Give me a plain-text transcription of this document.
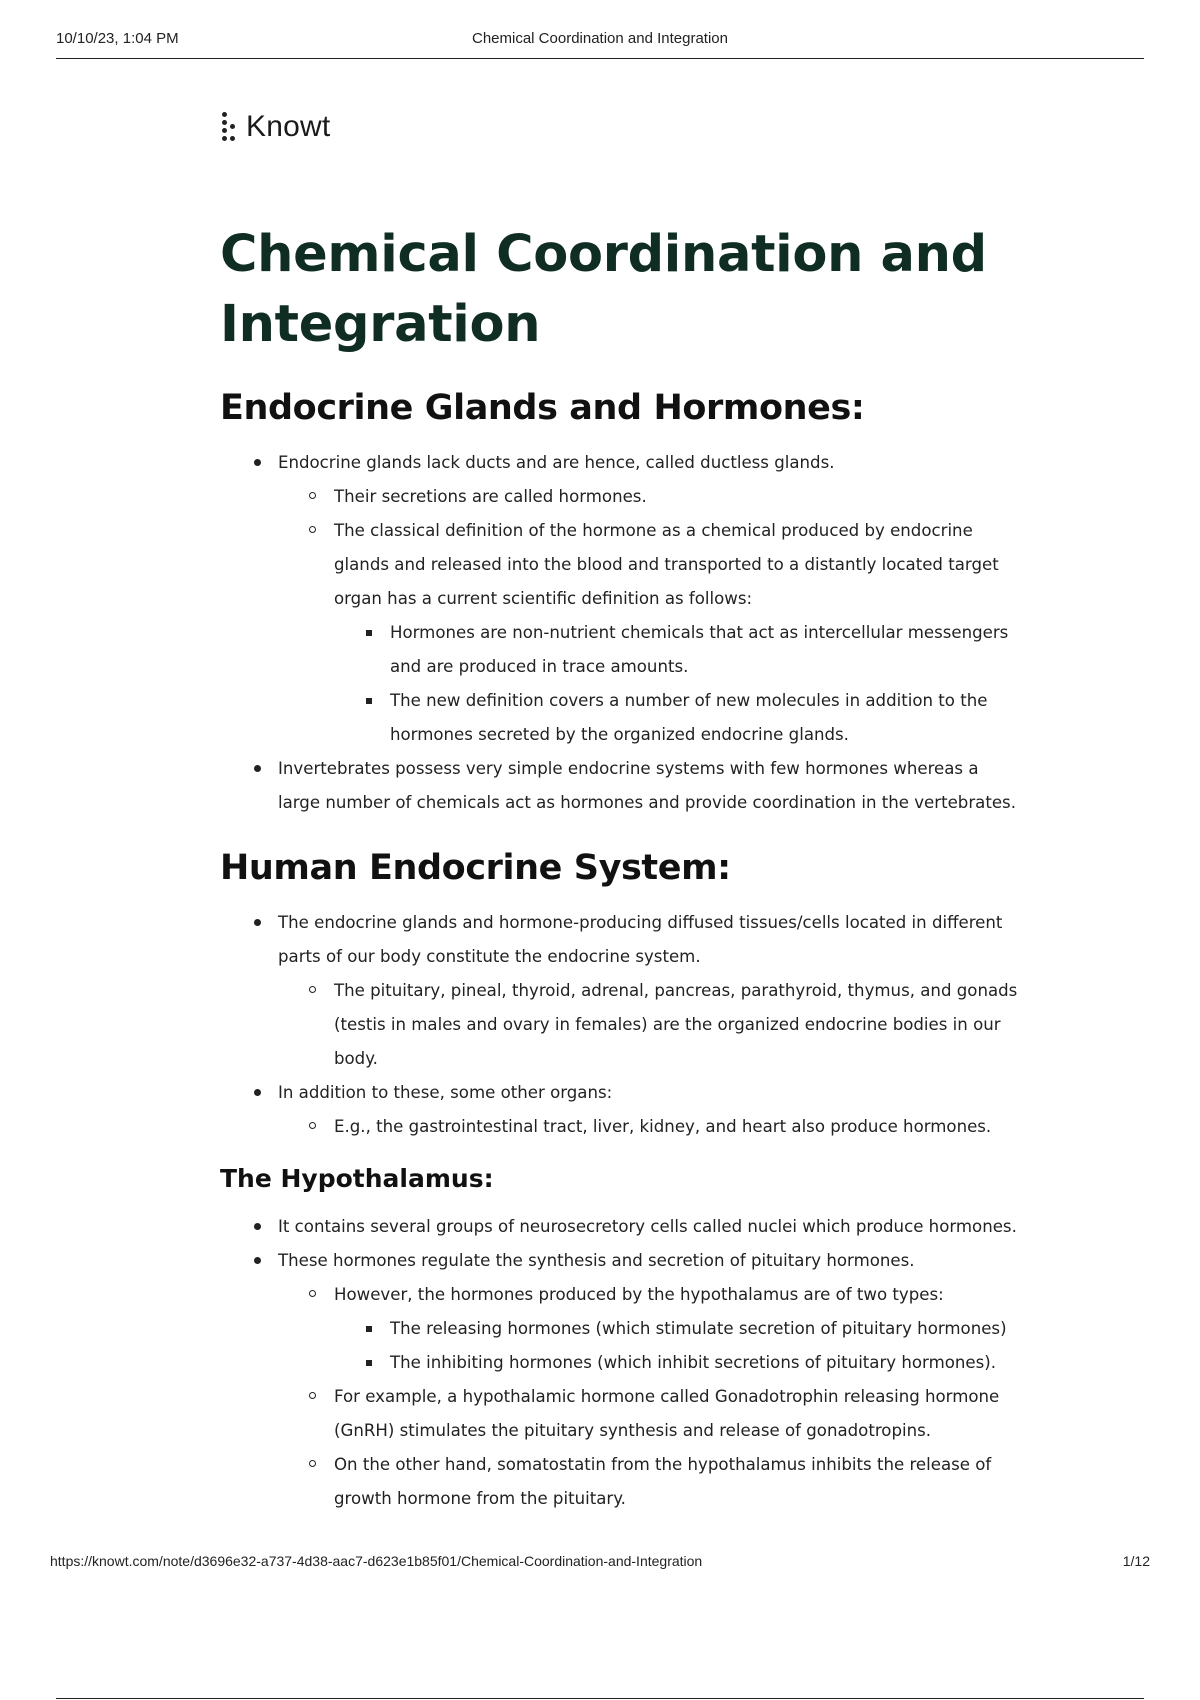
10/10/23, 1:04 PM	Chemical Coordination and Integration
Knowt
Chemical Coordination and Integration
Endocrine Glands and Hormones:
Endocrine glands lack ducts and are hence, called ductless glands.
Their secretions are called hormones.
The classical definition of the hormone as a chemical produced by endocrine glands and released into the blood and transported to a distantly located target organ has a current scientific definition as follows:
Hormones are non-nutrient chemicals that act as intercellular messengers and are produced in trace amounts.
The new definition covers a number of new molecules in addition to the hormones secreted by the organized endocrine glands.
Invertebrates possess very simple endocrine systems with few hormones whereas a large number of chemicals act as hormones and provide coordination in the vertebrates.
Human Endocrine System:
The endocrine glands and hormone-producing diffused tissues/cells located in different parts of our body constitute the endocrine system.
The pituitary, pineal, thyroid, adrenal, pancreas, parathyroid, thymus, and gonads (testis in males and ovary in females) are the organized endocrine bodies in our body.
In addition to these, some other organs:
E.g., the gastrointestinal tract, liver, kidney, and heart also produce hormones.
The Hypothalamus:
It contains several groups of neurosecretory cells called nuclei which produce hormones.
These hormones regulate the synthesis and secretion of pituitary hormones.
However, the hormones produced by the hypothalamus are of two types:
The releasing hormones (which stimulate secretion of pituitary hormones)
The inhibiting hormones (which inhibit secretions of pituitary hormones).
For example, a hypothalamic hormone called Gonadotrophin releasing hormone (GnRH) stimulates the pituitary synthesis and release of gonadotropins.
On the other hand, somatostatin from the hypothalamus inhibits the release of growth hormone from the pituitary.
https://knowt.com/note/d3696e32-a737-4d38-aac7-d623e1b85f01/Chemical-Coordination-and-Integration	1/12
